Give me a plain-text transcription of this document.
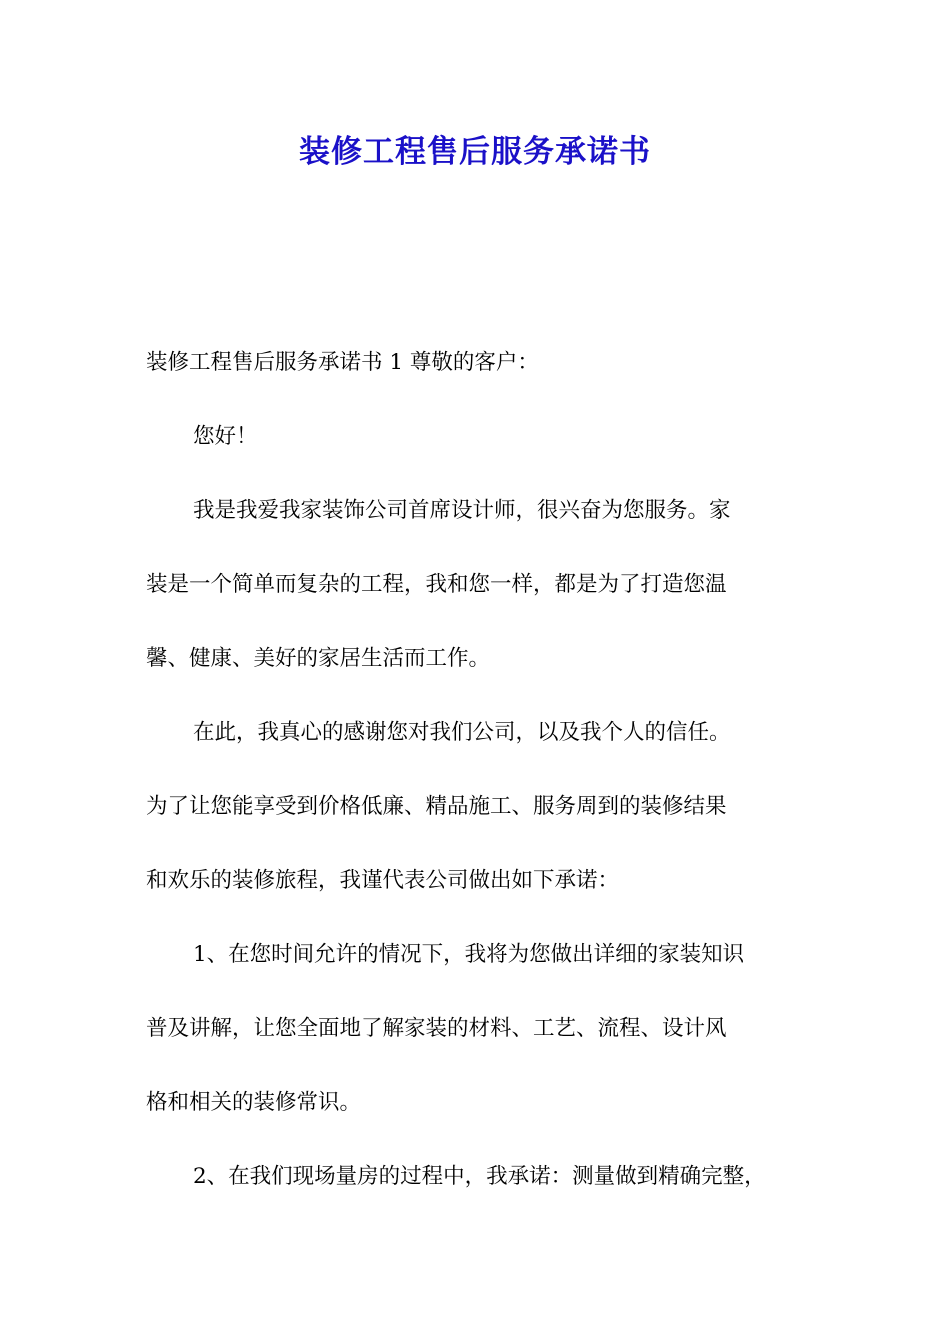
装修工程售后服务承诺书
装修工程售后服务承诺书 1 尊敬的客户：
您好！
我是我爱我家装饰公司首席设计师，很兴奋为您服务。家
装是一个简单而复杂的工程，我和您一样，都是为了打造您温
馨、健康、美好的家居生活而工作。
在此，我真心的感谢您对我们公司，以及我个人的信任。
为了让您能享受到价格低廉、精品施工、服务周到的装修结果
和欢乐的装修旅程，我谨代表公司做出如下承诺：
1、在您时间允许的情况下，我将为您做出详细的家装知识
普及讲解，让您全面地了解家装的材料、工艺、流程、设计风
格和相关的装修常识。
2、在我们现场量房的过程中，我承诺：测量做到精确完整，
